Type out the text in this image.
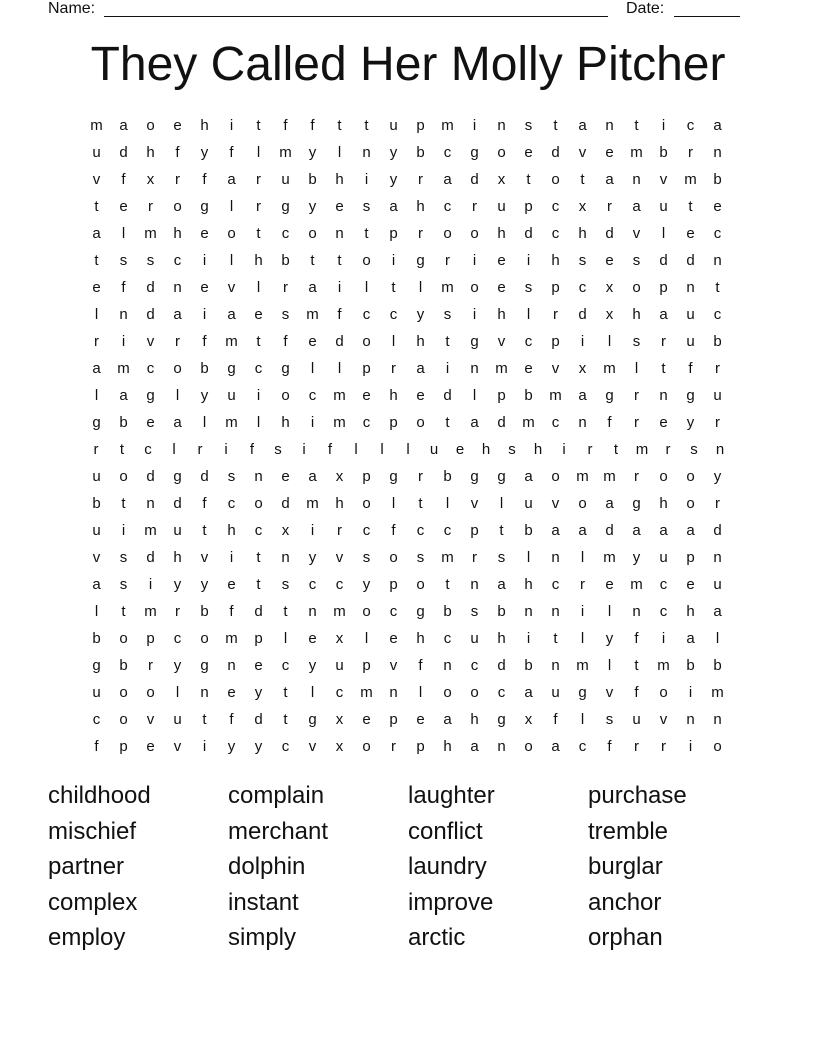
Name:	Date:
They Called Her Molly Pitcher
m	a	o	e	h	i	t	f	f	t	t	u	p	m	i	n	s	t	a	n	t	i	c	a
u	d	h	f	y	f	l	m	y	l	n	y	b	c	g	o	e	d	v	e	m	b	r	n
v	f	x	r	f	a	r	u	b	h	i	y	r	a	d	x	t	o	t	a	n	v	m	b
t	e	r	o	g	l	r	g	y	e	s	a	h	c	r	u	p	c	x	r	a	u	t	e
a	l	m	h	e	o	t	c	o	n	t	p	r	o	o	h	d	c	h	d	v	l	e	c
t	s	s	c	i	l	h	b	t	t	o	i	g	r	i	e	i	h	s	e	s	d	d	n
e	f	d	n	e	v	l	r	a	i	l	t	l	m	o	e	s	p	c	x	o	p	n	t
l	n	d	a	i	a	e	s	m	f	c	c	y	s	i	h	l	r	d	x	h	a	u	c
r	i	v	r	f	m	t	f	e	d	o	l	h	t	g	v	c	p	i	l	s	r	u	b
a	m	c	o	b	g	c	g	l	l	p	r	a	i	n	m	e	v	x	m	l	t	f	r
l	a	g	l	y	u	i	o	c	m	e	h	e	d	l	p	b	m	a	g	r	n	g	u
g	b	e	a	l	m	l	h	i	m	c	p	o	t	a	d	m	c	n	f	r	e	y	r
r	t	c	l	r	i	f	s	i	f	l	l	l	u	e	h	s	h	i	r	t	m	r	s	n
u	o	d	g	d	s	n	e	a	x	p	g	r	b	g	g	a	o	m m	r	o	o	y
b	t	n	d	f	c	o	d	m	h	o	l	t	l	v	l	u	v	o	a	g	h	o	r
u	i	m	u	t	h	c	x	i	r	c	f	c	c	p	t	b	a	a	d	a	a	a	d
v	s	d	h	v	i	t	n	y	v	s	o	s	m	r	s	l	n	l	m	y	u	p	n
a	s	i	y	y	e	t	s	c	c	y	p	o	t	n	a	h	c	r	e	m	c	e	u
l	t	m	r	b	f	d	t	n	m	o	c	g	b	s	b	n	n	i	l	n	c	h	a
b	o	p	c	o	m	p	l	e	x	l	e	h	c	u	h	i	t	l	y	f	i	a	l
g	b	r	y	g	n	e	c	y	u	p	v	f	n	c	d	b	n	m	l	t	m	b	b
u	o	o	l	n	e	y	t	l	c	m	n	l	o	o	c	a	u	g	v	f	o	i	m
c	o	v	u	t	f	d	t	g	x	e	p	e	a	h	g	x	f	l	s	u	v	n	n
f	p	e	v	i	y	y	c	v	x	o	r	p	h	a	n	o	a	c	f	r	r	i	o
childhood	complain	laughter	purchase
mischief	merchant	conflict	tremble
partner	dolphin	laundry	burglar
complex	instant	improve	anchor
employ	simply	arctic	orphan
